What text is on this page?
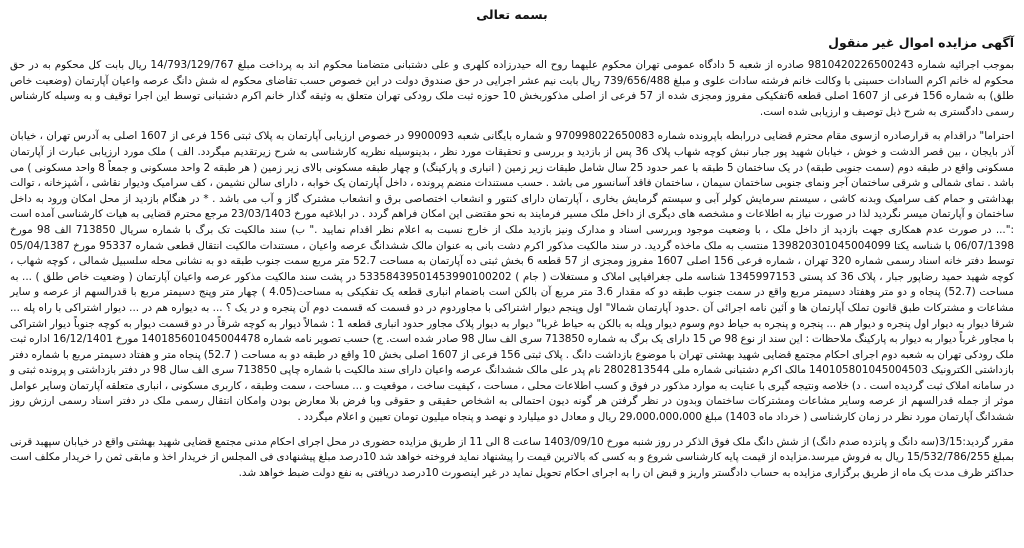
بسمه تعالی
آگهی مزایده اموال غیر منقول
بموجب اجرائیه شماره 9810420226500243 صادره از شعبه 5 دادگاه عمومی تهران محکوم علیهما روح اله حیدرزاده کلهری و علی دشتبانی متضامنا محکوم اند به پرداخت مبلغ 14/793/129/767 ریال بابت کل محکوم به در حق محکوم له خانم اکرم السادات حسینی با وکالت خانم فرشته سادات علوی و مبلغ 739/656/488 ریال بابت نیم عشر اجرایی در حق صندوق دولت در این خصوص حسب تقاضای محکوم له شش دانگ عرصه واعیان آپارتمان (وضعیت خاص طلق) به شماره 156 فرعی از 1607 اصلی قطعه 6تفکیکی مفروز ومجزی شده از 57 فرعی از اصلی مذکوربخش 10 حوزه ثبت ملک رودکی تهران متعلق به وثیقه گذار خانم اکرم دشتبانی توسط این اجرا توقیف و به وسیله کارشناس رسمی دادگستری به شرح ذیل توصیف و ارزیابی شده است.
احتراما" دراقدام به قرارصادره ازسوی مقام محترم قضایی دررابطه باپرونده شماره 970998022650083 و شماره بایگانی شعبه 9900093 در خصوص ارزیابی آپارتمان به پلاک ثبتی 156 فرعی از 1607 اصلی به آدرس تهران ، خیابان آذر بایجان ، بین قصر الدشت و خوش ، خیابان شهید پور جبار نبش کوچه شهاب پلاک 36 پس از بازدید و بررسی و تحقیقات مورد نظر ، بدینوسیله نظریه کارشناسی به شرح زیرتقدیم میگردد. الف ) ملک مورد ارزیابی عبارت از آپارتمان مسکونی واقع در طبقه دوم (سمت جنوبی طبقه) در یک ساختمان 5 طبقه با عمر حدود 25 سال شامل طبقات زیر زمین ( انباری و پارکینگ) و چهار طبقه مسکونی بالای زیر زمین ( هر طبقه 2 واحد مسکونی و جمعاً 8 واحد مسکونی ) می باشد . نمای شمالی و شرقی ساختمان آجر ونمای جنوبی ساختمان سیمان ، ساختمان فاقد آسانسور می باشد . حسب مستندات منضم پرونده ، داخل آپارتمان یک خوابه ، دارای سالن نشیمن ، کف سرامیک ودیوار نقاشی ، آشپزخانه ، توالت بهداشتی و حمام کف سرامیک وبدنه کاشی ، سیستم سرمایش کولر آبی و سیستم گرمایش بخاری ، آپارتمان دارای کنتور و انشعاب اختصاصی برق و انشعاب مشترک گاز و آب می باشد . * در هنگام بازدید از محل امکان ورود به داخل ساختمان و آپارتمان میسر نگردید لذا در صورت نیاز به اطلاعات و مشخصه های دیگری از داخل ملک مسیر فرمایند به نحو مقتضی این امکان فراهم گردد . در ابلاغیه مورخ 23/03/1403 مرجع محترم قضایی به هیات کارشناسی آمده است :"... در صورت عدم همکاری جهت بازدید از داخل ملک ، با وضعیت موجود وبررسی اسناد و مدارک ونیز بازدید ملک از خارج نسبت به اعلام نظر اقدام نمایید ." ب) سند مالکیت تک برگ با شماره سریال 713850 الف 98 مورخ 06/07/1398 با شناسه یکتا 139820301045004099 منتسب به ملک ماخذه گردید. در سند مالکیت مذکور اکرم دشت بانی به عنوان مالک ششدانگ عرصه واعیان ، مستندات مالکیت انتقال قطعی شماره 95337 مورخ 05/04/1387 توسط دفتر خانه اسناد رسمی شماره 320 تهران ، شماره فرعی 156 اصلی 1607 مفروز ومجزی از 57 قطعه 6 بخش ثبتی ده آپارتمان به مساحت 52.7 متر مربع سمت جنوب طبقه دو به نشانی محله سلسبیل شمالی ، کوچه شهاب ، کوچه شهید حمید رضاپور جبار ، پلاک 36 کد پستی 1345997153 شناسه ملی جغرافیایی املاک و مستغلات ( جام ) 53358439501453990100202 در پشت سند مالکیت مذکور عرصه واعیان آپارتمان ( وضعیت خاص طلق ) ... به مساحت (52.7) پنجاه و دو متر وهفتاد دسیمتر مربع واقع در سمت جنوب طبقه دو که مقدار 3.6 متر مربع آن بالکن است باضمام انباری قطعه یک تفکیکی به مساحت(4.05 ) چهار متر وپنج دسیمتر مربع با قدرالسهم از عرصه و سایر مشاعات و مشترکات طبق قانون تملک آپارتمان ها و آئین نامه اجرائی آن .حدود آپارتمان شمالا" اول وپنجم دیوار اشتراکی با مجاوردوم در دو قسمت که قسمت دوم آن پنجره و در یک ؟ ... به دیواره هم در ... دیوار اشتراکی با راه پله ... شرقا دیوار به دیوار اول پنجره و دیوار هم ... پنجره و پنجره به حیاط دوم وسوم دیوار وپله به بالکن به حیاط غربا" دیوار به دیوار پلاک مجاور حدود انباری قطعه 1 : شمالاً دیوار به کوچه شرقاً در دو قسمت دیوار به کوچه جنوباً دیوار اشتراکی با مجاور غرباً دیوار به دیوار به پارکینگ ملاحظات : این سند از نوع 98 ص 15 دارای یک برگ به شماره 713850 سری الف سال 98 صادر شده است. ج) حسب تصویر نامه شماره 140185601045004478 مورخ 16/12/1401 اداره ثبت ملک رودکی تهران به شعبه دوم اجرای احکام مجتمع قضایی شهید بهشتی تهران با موضوع بازداشت دانگ . پلاک ثبتی 156 فرعی از 1607 اصلی بخش 10 واقع در طبقه دو به مساحت ( 52.7) پنجاه متر و هفتاد دسیمتر مربع با شماره دفتر بازداشتی الکترونیک 140105801045004503 مالک اکرم دشتبانی شماره ملی 2802813544 نام پدر علی مالک ششدانگ عرصه واعیان دارای سند مالکیت با شماره چاپی 713850 سری الف سال 98 در دفتر بازداشتی و پرونده ثبتی و در سامانه املاک ثبت گردیده است . د) خلاصه ونتیجه گیری با عنایت به موارد مذکور در فوق و کسب اطلاعات محلی ، مساحت ، کیفیت ساخت ، موقعیت و ... مساحت ، سمت وطبقه ، کاربری مسکونی ، انباری متعلقه آپارتمان وسایر عوامل موثر از جمله قدرالسهم از عرصه وسایر مشاعات ومشترکات ساختمان وبدون در نظر گرفتن هر گونه دیون احتمالی به اشخاص حقیقی و حقوقی وبا فرض بلا معارض بودن وامکان انتقال رسمی ملک در دفتر اسناد رسمی ارزش روز ششدانگ آپارتمان مورد نظر در زمان کارشناسی ( خرداد ماه 1403) مبلغ 29،000،000،000 ریال و معادل دو میلیارد و نهصد و پنجاه میلیون تومان تعیین و اعلام میگردد .
مقرر گردید:3/15(سه دانگ و پانزده صدم دانگ) از شش دانگ ملک فوق الذکر در روز شنبه مورخ 1403/09/10 ساعت 8 الی 11 از طریق مزایده حضوری در محل اجرای احکام مدنی مجتمع قضایی شهید بهشتی واقع در خیابان سپهبد قرنی بمبلغ 15/532/786/255 ریال به فروش میرسد.مزایده از قیمت پایه کارشناسی شروع و به کسی که بالاترین قیمت را پیشنهاد نماید فروخته خواهد شد 10درصد مبلغ پیشنهادی فی المجلس از خریدار اخذ و مابقی ثمن را خریدار مکلف است حداکثر ظرف مدت یک ماه از طریق برگزاری مزایده به حساب دادگستر واریز و قبض ان را به اجرای احکام تحویل نماید در غیر اینصورت 10درصد دریافتی به نفع دولت ضبط خواهد شد.
